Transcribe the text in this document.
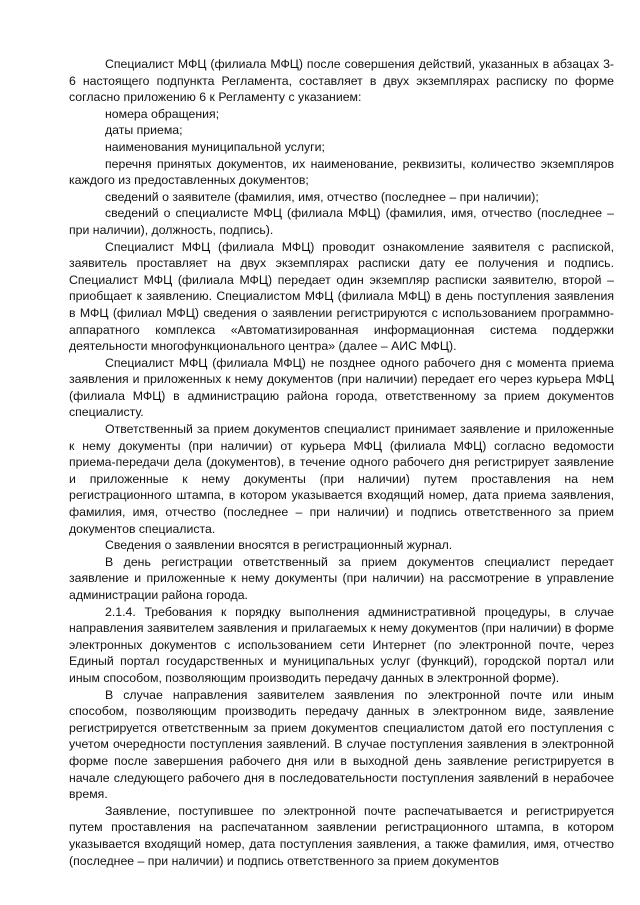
Специалист МФЦ (филиала МФЦ) после совершения действий, указанных в абзацах 3-6 настоящего подпункта Регламента, составляет в двух экземплярах расписку по форме согласно приложению 6 к Регламенту с указанием:

номера обращения;

даты приема;

наименования муниципальной услуги;

перечня принятых документов, их наименование, реквизиты, количество экземпляров каждого из предоставленных документов;

сведений о заявителе (фамилия, имя, отчество (последнее – при наличии);

сведений о специалисте МФЦ (филиала МФЦ) (фамилия, имя, отчество (последнее – при наличии), должность, подпись).

Специалист МФЦ (филиала МФЦ) проводит ознакомление заявителя с распиской, заявитель проставляет на двух экземплярах расписки дату ее получения и подпись. Специалист МФЦ (филиала МФЦ) передает один экземпляр расписки заявителю, второй – приобщает к заявлению. Специалистом МФЦ (филиала МФЦ) в день поступления заявления в МФЦ (филиал МФЦ) сведения о заявлении регистрируются с использованием программно-аппаратного комплекса «Автоматизированная информационная система поддержки деятельности многофункционального центра» (далее – АИС МФЦ).

Специалист МФЦ (филиала МФЦ) не позднее одного рабочего дня с момента приема заявления и приложенных к нему документов (при наличии) передает его через курьера МФЦ (филиала МФЦ) в администрацию района города, ответственному за прием документов специалисту.

Ответственный за прием документов специалист принимает заявление и приложенные к нему документы (при наличии) от курьера МФЦ (филиала МФЦ) согласно ведомости приема-передачи дела (документов), в течение одного рабочего дня регистрирует заявление и приложенные к нему документы (при наличии) путем проставления на нем регистрационного штампа, в котором указывается входящий номер, дата приема заявления, фамилия, имя, отчество (последнее – при наличии) и подпись ответственного за прием документов специалиста.

Сведения о заявлении вносятся в регистрационный журнал.

В день регистрации ответственный за прием документов специалист передает заявление и приложенные к нему документы (при наличии) на рассмотрение в управление администрации района города.

2.1.4. Требования к порядку выполнения административной процедуры, в случае направления заявителем заявления и прилагаемых к нему документов (при наличии) в форме электронных документов с использованием сети Интернет (по электронной почте, через Единый портал государственных и муниципальных услуг (функций), городской портал или иным способом, позволяющим производить передачу данных в электронной форме).

В случае направления заявителем заявления по электронной почте или иным способом, позволяющим производить передачу данных в электронном виде, заявление регистрируется ответственным за прием документов специалистом датой его поступления с учетом очередности поступления заявлений. В случае поступления заявления в электронной форме после завершения рабочего дня или в выходной день заявление регистрируется в начале следующего рабочего дня в последовательности поступления заявлений в нерабочее время.

Заявление, поступившее по электронной почте распечатывается и регистрируется путем проставления на распечатанном заявлении регистрационного штампа, в котором указывается входящий номер, дата поступления заявления, а также фамилия, имя, отчество (последнее – при наличии) и подпись ответственного за прием документов
